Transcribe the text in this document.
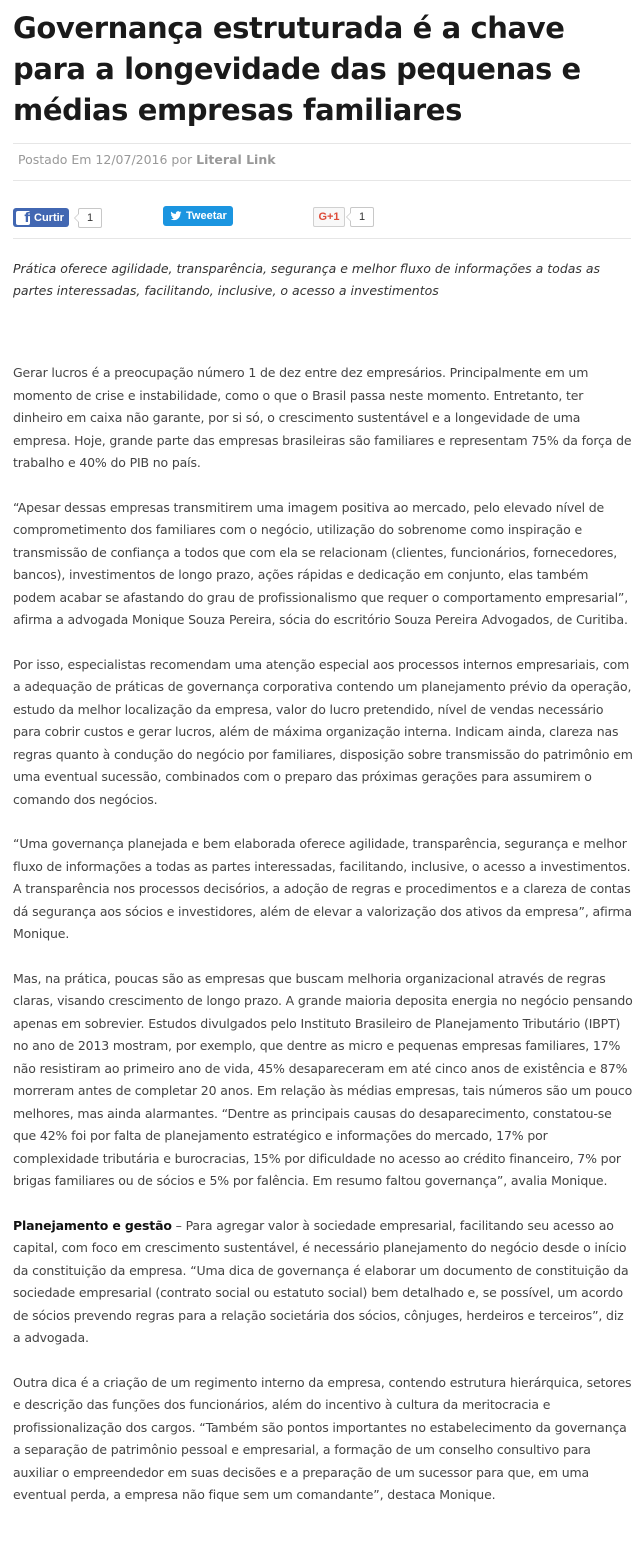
Governança estruturada é a chave para a longevidade das pequenas e médias empresas familiares
Postado Em 12/07/2016 por Literal Link
f Curtir	1	Tweetar	G+1	1

Prática oferece agilidade, transparência, segurança e melhor fluxo de informações a todas as partes interessadas, facilitando, inclusive, o acesso a investimentos

Gerar lucros é a preocupação número 1 de dez entre dez empresários. Principalmente em um momento de crise e instabilidade, como o que o Brasil passa neste momento. Entretanto, ter dinheiro em caixa não garante, por si só, o crescimento sustentável e a longevidade de uma empresa. Hoje, grande parte das empresas brasileiras são familiares e representam 75% da força de trabalho e 40% do PIB no país.

“Apesar dessas empresas transmitirem uma imagem positiva ao mercado, pelo elevado nível de comprometimento dos familiares com o negócio, utilização do sobrenome como inspiração e transmissão de confiança a todos que com ela se relacionam (clientes, funcionários, fornecedores, bancos), investimentos de longo prazo, ações rápidas e dedicação em conjunto, elas também podem acabar se afastando do grau de profissionalismo que requer o comportamento empresarial”, afirma a advogada Monique Souza Pereira, sócia do escritório Souza Pereira Advogados, de Curitiba.

Por isso, especialistas recomendam uma atenção especial aos processos internos empresariais, com a adequação de práticas de governança corporativa contendo um planejamento prévio da operação, estudo da melhor localização da empresa, valor do lucro pretendido, nível de vendas necessário para cobrir custos e gerar lucros, além de máxima organização interna. Indicam ainda, clareza nas regras quanto à condução do negócio por familiares, disposição sobre transmissão do patrimônio em uma eventual sucessão, combinados com o preparo das próximas gerações para assumirem o comando dos negócios.

“Uma governança planejada e bem elaborada oferece agilidade, transparência, segurança e melhor fluxo de informações a todas as partes interessadas, facilitando, inclusive, o acesso a investimentos. A transparência nos processos decisórios, a adoção de regras e procedimentos e a clareza de contas dá segurança aos sócios e investidores, além de elevar a valorização dos ativos da empresa”, afirma Monique.

Mas, na prática, poucas são as empresas que buscam melhoria organizacional através de regras claras, visando crescimento de longo prazo. A grande maioria deposita energia no negócio pensando apenas em sobrevier. Estudos divulgados pelo Instituto Brasileiro de Planejamento Tributário (IBPT) no ano de 2013 mostram, por exemplo, que dentre as micro e pequenas empresas familiares, 17% não resistiram ao primeiro ano de vida, 45% desapareceram em até cinco anos de existência e 87% morreram antes de completar 20 anos. Em relação às médias empresas, tais números são um pouco melhores, mas ainda alarmantes. “Dentre as principais causas do desaparecimento, constatou-se que 42% foi por falta de planejamento estratégico e informações do mercado, 17% por complexidade tributária e burocracias, 15% por dificuldade no acesso ao crédito financeiro, 7% por brigas familiares ou de sócios e 5% por falência. Em resumo faltou governança”, avalia Monique.

Planejamento e gestão – Para agregar valor à sociedade empresarial, facilitando seu acesso ao capital, com foco em crescimento sustentável, é necessário planejamento do negócio desde o início da constituição da empresa. “Uma dica de governança é elaborar um documento de constituição da sociedade empresarial (contrato social ou estatuto social) bem detalhado e, se possível, um acordo de sócios prevendo regras para a relação societária dos sócios, cônjuges, herdeiros e terceiros”, diz a advogada.

Outra dica é a criação de um regimento interno da empresa, contendo estrutura hierárquica, setores e descrição das funções dos funcionários, além do incentivo à cultura da meritocracia e profissionalização dos cargos. “Também são pontos importantes no estabelecimento da governança a separação de patrimônio pessoal e empresarial, a formação de um conselho consultivo para auxiliar o empreendedor em suas decisões e a preparação de um sucessor para que, em uma eventual perda, a empresa não fique sem um comandante”, destaca Monique.
